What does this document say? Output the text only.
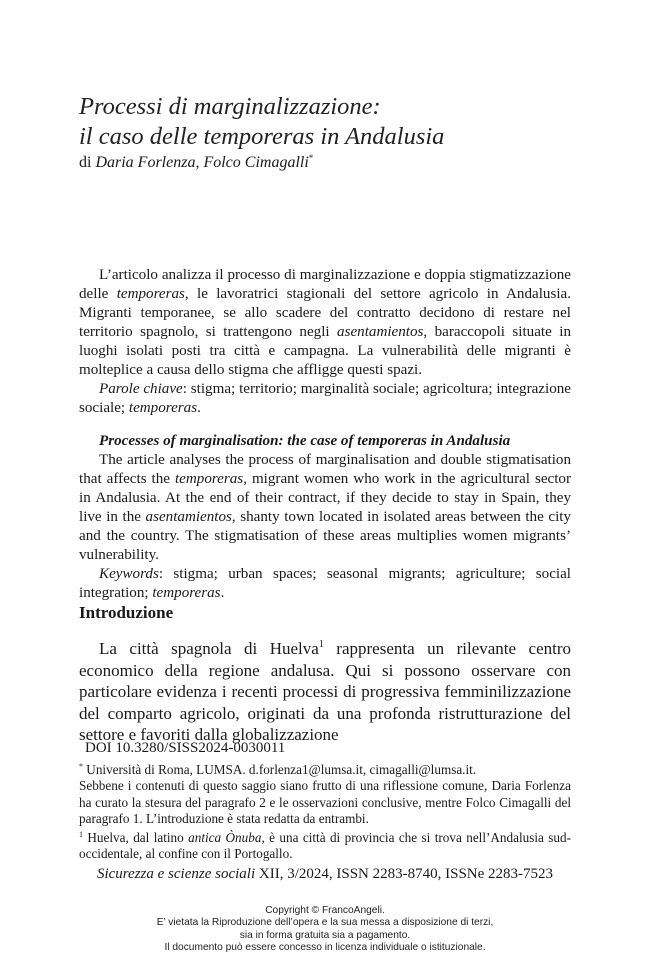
Processi di marginalizzazione:
il caso delle temporeras in Andalusia
di Daria Forlenza, Folco Cimagalli*

L’articolo analizza il processo di marginalizzazione e doppia stigmatizzazione delle temporeras, le lavoratrici stagionali del settore agricolo in Andalusia. Migranti temporanee, se allo scadere del contratto decidono di restare nel territorio spagnolo, si trattengono negli asentamientos, baraccopoli situate in luoghi isolati posti tra città e campagna. La vulnerabilità delle migranti è molteplice a causa dello stigma che affligge questi spazi.

Parole chiave: stigma; territorio; marginalità sociale; agricoltura; integrazione sociale; temporeras.

Processes of marginalisation: the case of temporeras in Andalusia

The article analyses the process of marginalisation and double stigmatisation that affects the temporeras, migrant women who work in the agricultural sector in Andalusia. At the end of their contract, if they decide to stay in Spain, they live in the asentamientos, shanty town located in isolated areas between the city and the country. The stigmatisation of these areas multiplies women migrants’ vulnerability.

Keywords: stigma; urban spaces; seasonal migrants; agriculture; social integration; temporeras.

Introduzione

La città spagnola di Huelva$^1$ rappresenta un rilevante centro economico della regione andalusa. Qui si possono osservare con particolare evidenza i recenti processi di progressiva femminilizzazione del comparto agricolo, originati da una profonda ristrutturazione del settore e favoriti dalla globalizzazione

DOI 10.3280/SISS2024-0030011

* Università di Roma, LUMSA. d.forlenza1@lumsa.it, cimagalli@lumsa.it.

Sebbene i contenuti di questo saggio siano frutto di una riflessione comune, Daria Forlenza ha curato la stesura del paragrafo 2 e le osservazioni conclusive, mentre Folco Cimagalli del paragrafo 1. L’introduzione è stata redatta da entrambi.

$^1$ Huelva, dal latino antica Ònuba, è una città di provincia che si trova nell’Andalusia sud-occidentale, al confine con il Portogallo.

Sicurezza e scienze sociali XII, 3/2024, ISSN 2283-8740, ISSNe 2283-7523
Copyright © FrancoAngeli.
E’ vietata la Riproduzione dell’opera e la sua messa a disposizione di terzi,
sia in forma gratuita sia a pagamento.
Il documento può essere concesso in licenza individuale o istituzionale.
